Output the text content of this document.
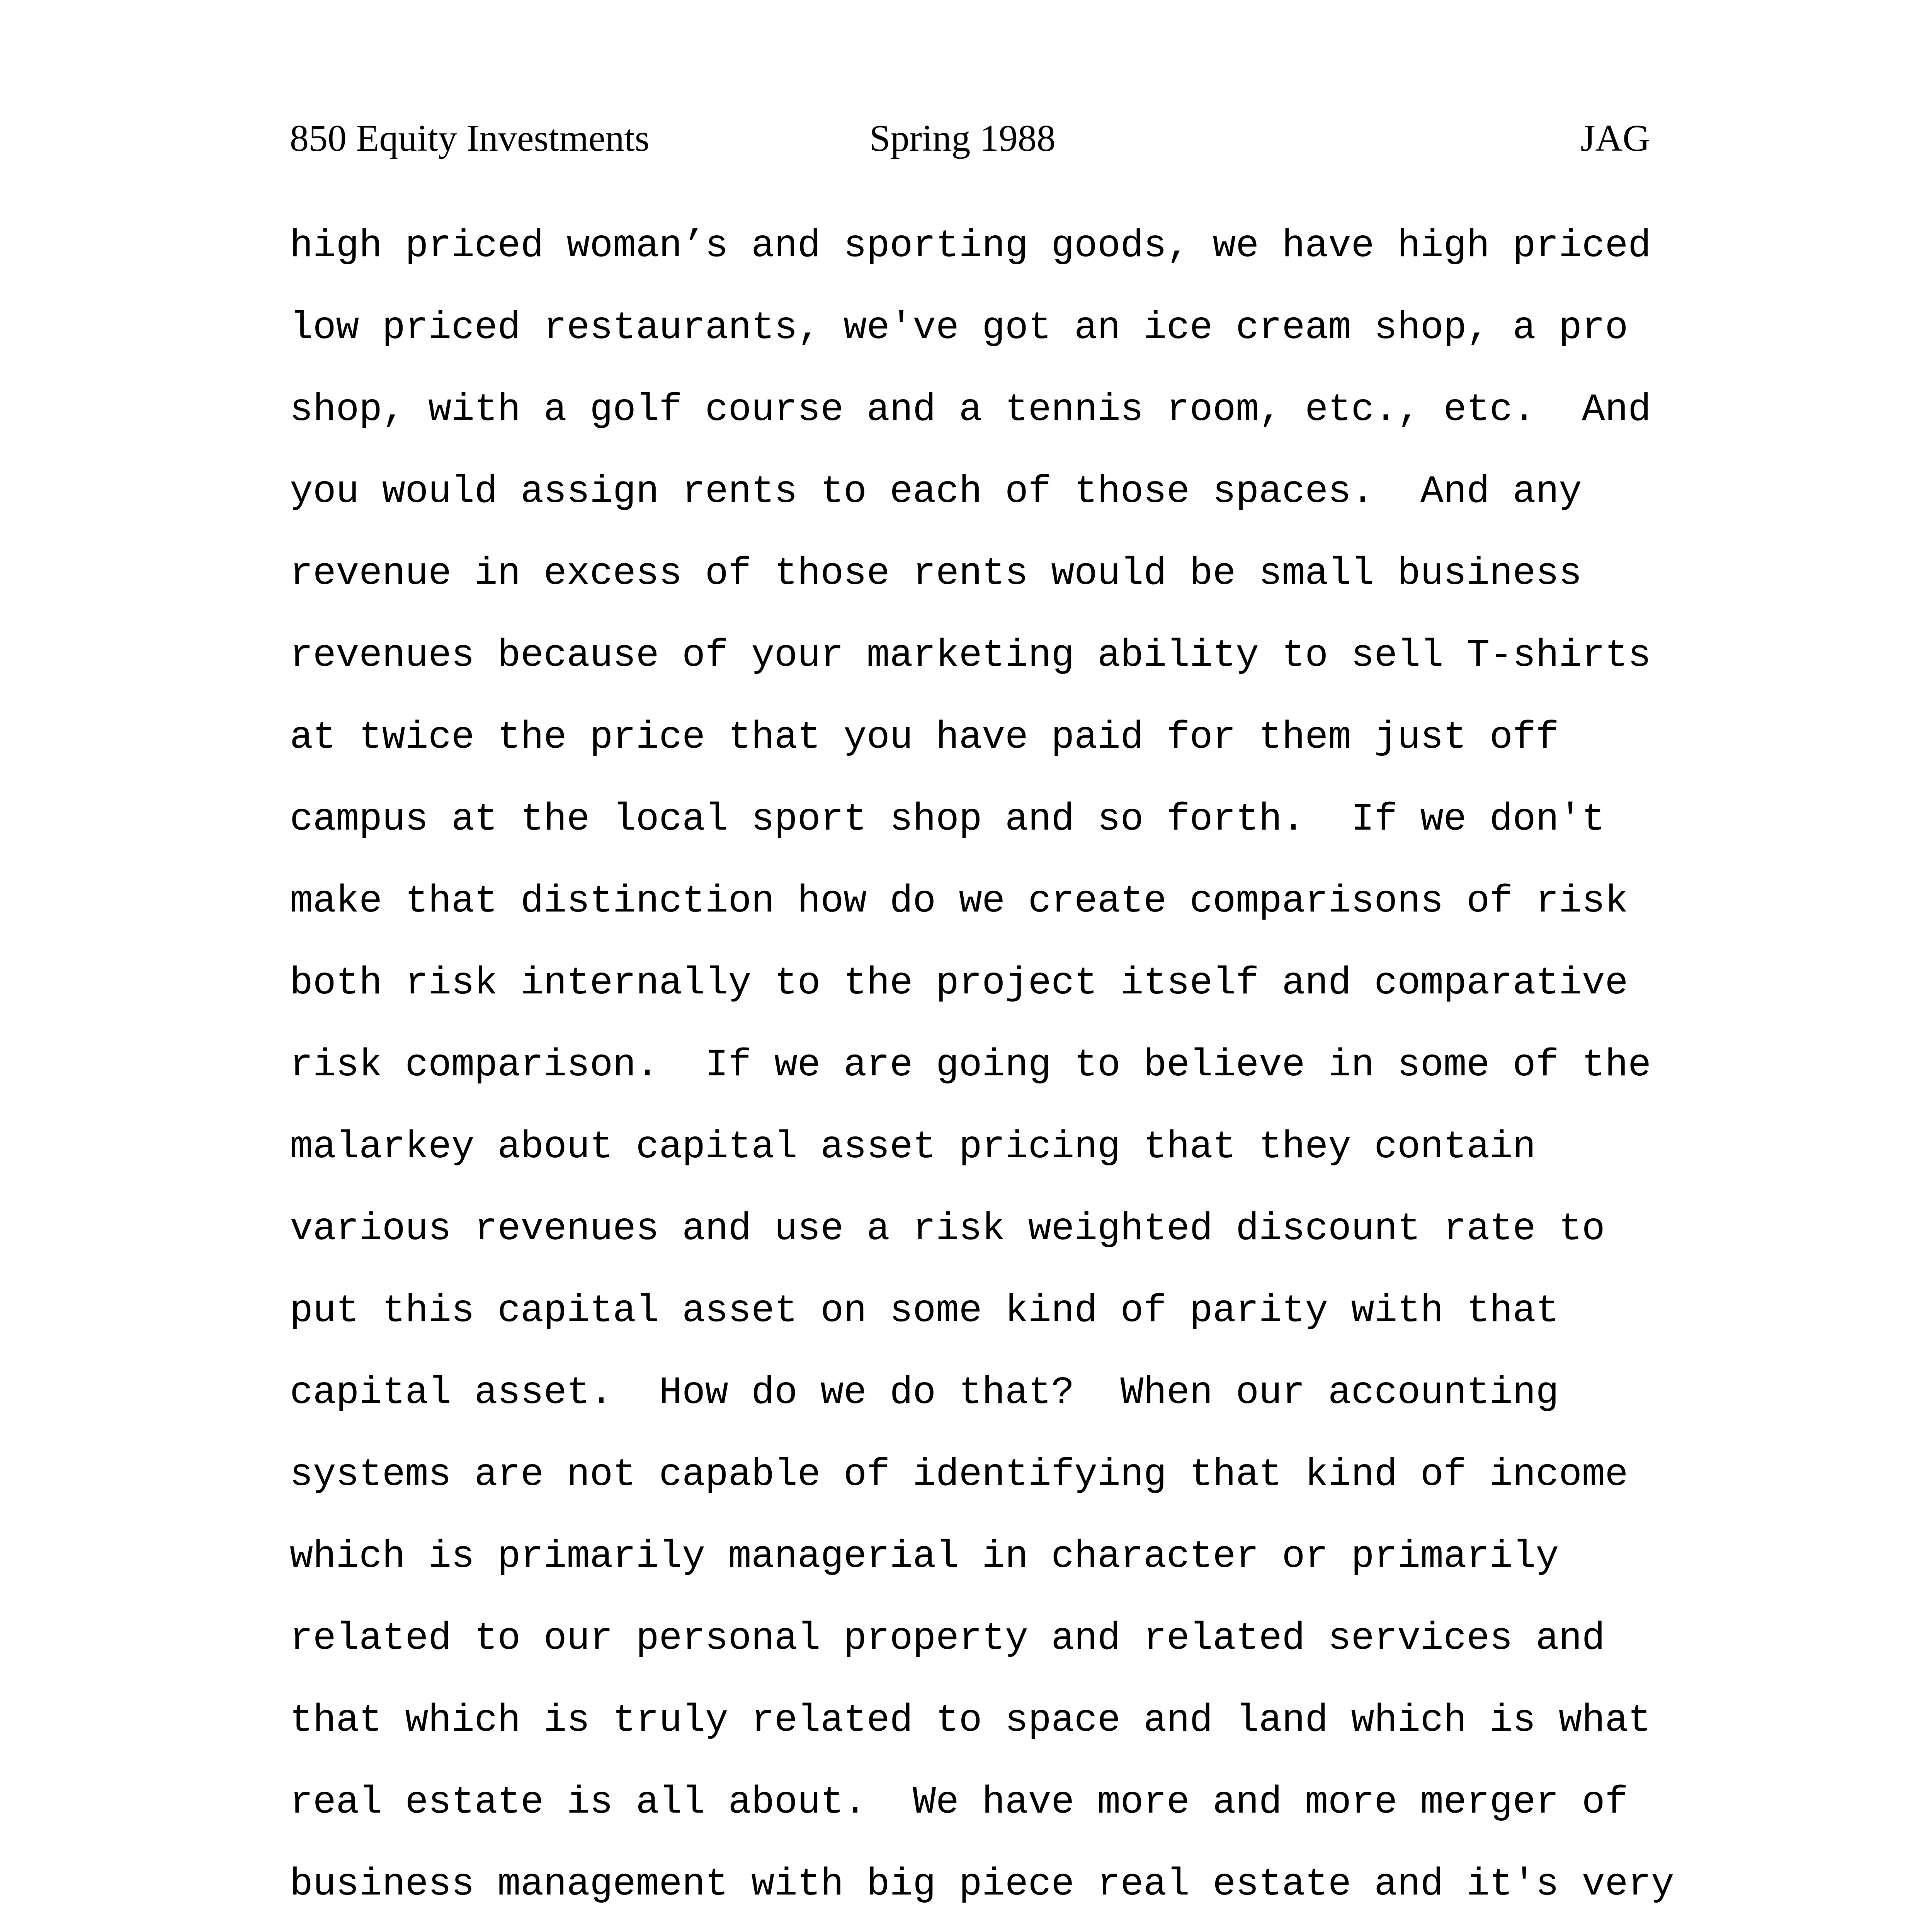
850 Equity Investments	Spring 1988	JAG
high priced woman’s and sporting goods, we have high priced
low priced restaurants, we've got an ice cream shop, a pro
shop, with a golf course and a tennis room, etc., etc.  And
you would assign rents to each of those spaces.  And any
revenue in excess of those rents would be small business
revenues because of your marketing ability to sell T-shirts
at twice the price that you have paid for them just off
campus at the local sport shop and so forth.  If we don't
make that distinction how do we create comparisons of risk
both risk internally to the project itself and comparative
risk comparison.  If we are going to believe in some of the
malarkey about capital asset pricing that they contain
various revenues and use a risk weighted discount rate to
put this capital asset on some kind of parity with that
capital asset.  How do we do that?  When our accounting
systems are not capable of identifying that kind of income
which is primarily managerial in character or primarily
related to our personal property and related services and
that which is truly related to space and land which is what
real estate is all about.  We have more and more merger of
business management with big piece real estate and it's very
